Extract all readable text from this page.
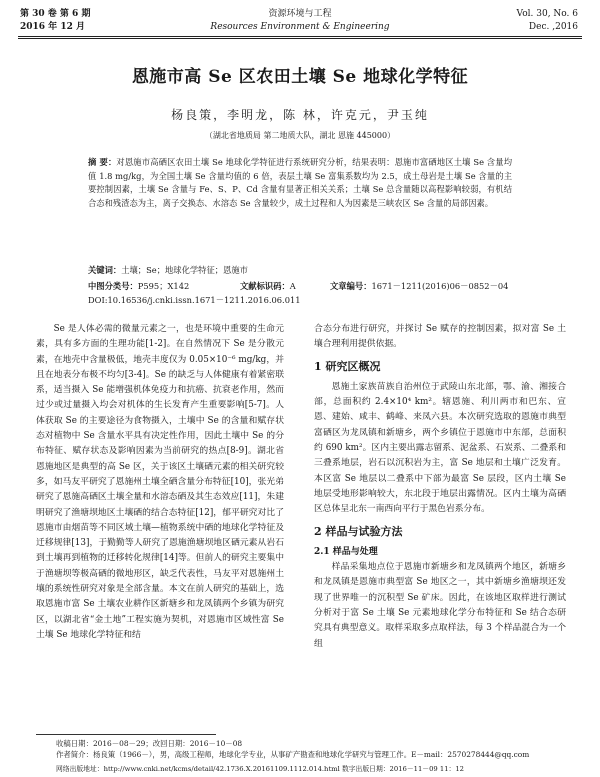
第 30 卷 第 6 期
2016 年 12 月
资源环境与工程
Resources Environment & Engineering
Vol. 30, No. 6
Dec. ,2016
恩施市高 Se 区农田土壤 Se 地球化学特征
杨良策，李明龙，陈 林，许克元，尹玉纯
（湖北省地质局 第二地质大队，湖北 恩施 445000）

摘 要：对恩施市高硒区农田土壤 Se 地球化学特征进行系统研究分析，结果表明：恩施市富硒地区土壤 Se 含量均值 1.8 mg/kg，为全国土壤 Se 含量均值的 6 倍，表层土壤 Se 富集系数均为 2.5，成土母岩是土壤 Se 含量的主要控制因素，土壤 Se 含量与 Fe、S、P、Cd 含量有显著正相关关系；土壤 Se 总含量随以高程影响较弱，有机结合态和残渣态为主，离子交换态、水溶态 Se 含量较少，成土过程和人为因素是三峡农区 Se 含量的局部因素。

关键词：土壤；Se；地球化学特征；恩施市
中图分类号：P595；X142	文献标识码：A	文章编号：1671－1211(2016)06－0852－04
DOI:10.16536/j.cnki.issn.1671－1211.2016.06.011

Se 是人体必需的微量元素之一，也是环境中重要的生命元素，具有多方面的生理功能[1-2]。在自然情况下 Se 是分散元素，在地壳中含量极低，地壳丰度仅为 0.05×10⁻⁶ mg/kg，并且在地表分布极不均匀[3-4]。Se 的缺乏与人体健康有着紧密联系，适当摄入 Se 能增强机体免疫力和抗癌、抗衰老作用，然而过少或过量摄入均会对机体的生长发育产生重要影响[5-7]。人体获取 Se 的主要途径为食物摄入，土壤中 Se 的含量和赋存状态对植物中 Se 含量水平具有决定性作用，因此土壤中 Se 的分布特征、赋存状态及影响因素为当前研究的热点[8-9]。湖北省恩施地区是典型的高 Se 区，关于该区土壤硒元素的相关研究较多，如马友平研究了恩施州土壤全硒含量分布特征[10]，张光弟研究了恩施高硒区土壤全量和水溶态硒及其生态效应[11]，朱建明研究了渔塘坝地区土壤硒的结合态特征[12]，郁平研究对比了恩施市由烟苗等不同区域土壤—植物系统中硒的地球化学特征及迁移规律[13]，于勤勤等人研究了恩施渔塘坝地区硒元素从岩石到土壤再到植物的迁移转化规律[14]等。但前人的研究主要集中于渔塘坝等极高硒的微地形区，缺乏代表性，马友平对恩施州土壤的系统性研究对象是全部含量。本文在前人研究的基础上，选取恩施市富 Se 土壤农业耕作区新塘乡和龙凤镇两个乡镇为研究区，以湖北省“金土地”工程实施为契机，对恩施市区域性富 Se 土壤 Se 地球化学特征和结

合态分布进行研究，并探讨 Se 赋存的控制因素，拟对富 Se 土壤合理利用提供依据。

1 研究区概况

恩施土家族苗族自治州位于武陵山东北部，鄂、渝、湘接合部，总面积约 2.4×10⁴ km²。辖恩施、利川两市和巴东、宣恩、建始、咸丰、鹤峰、来凤六县。本次研究选取的恩施市典型富硒区为龙凤镇和新塘乡，两个乡镇位于恩施市中东部，总面积约 690 km²。区内主要出露志留系、泥盆系、石炭系、二叠系和三叠系地层，岩石以沉积岩为主，富 Se 地层和土壤广泛发育。本区富 Se 地层以二叠系中下部为最富 Se 层段，区内土壤 Se 地层受地形影响较大，东北段于地层出露情况。区内土壤为高硒区总体呈北东一南西向平行于黑色岩系分布。

2 样品与试验方法

2.1 样品与处理

样品采集地点位于恩施市新塘乡和龙凤镇两个地区，新塘乡和龙凤镇是恩施市典型富 Se 地区之一，其中新塘乡渔塘坝还发现了世界唯一的沉积型 Se 矿床。因此，在该地区取样进行测试分析对于富 Se 土壤 Se 元素地球化学分布特征和 Se 结合态研究具有典型意义。取样采取多点取样法，每 3 个样品混合为一个组

收稿日期：2016－08－29；改回日期：2016－10－08
作者简介：杨良策（1966－），男，高级工程师，地球化学专业，从事矿产勘查和地球化学研究与管理工作。E－mail：2570278444@qq.com
网络出版地址：http://www.cnki.net/kcms/detail/42.1736.X.20161109.1112.014.html 数字出版日期：2016－11－09 11：12
